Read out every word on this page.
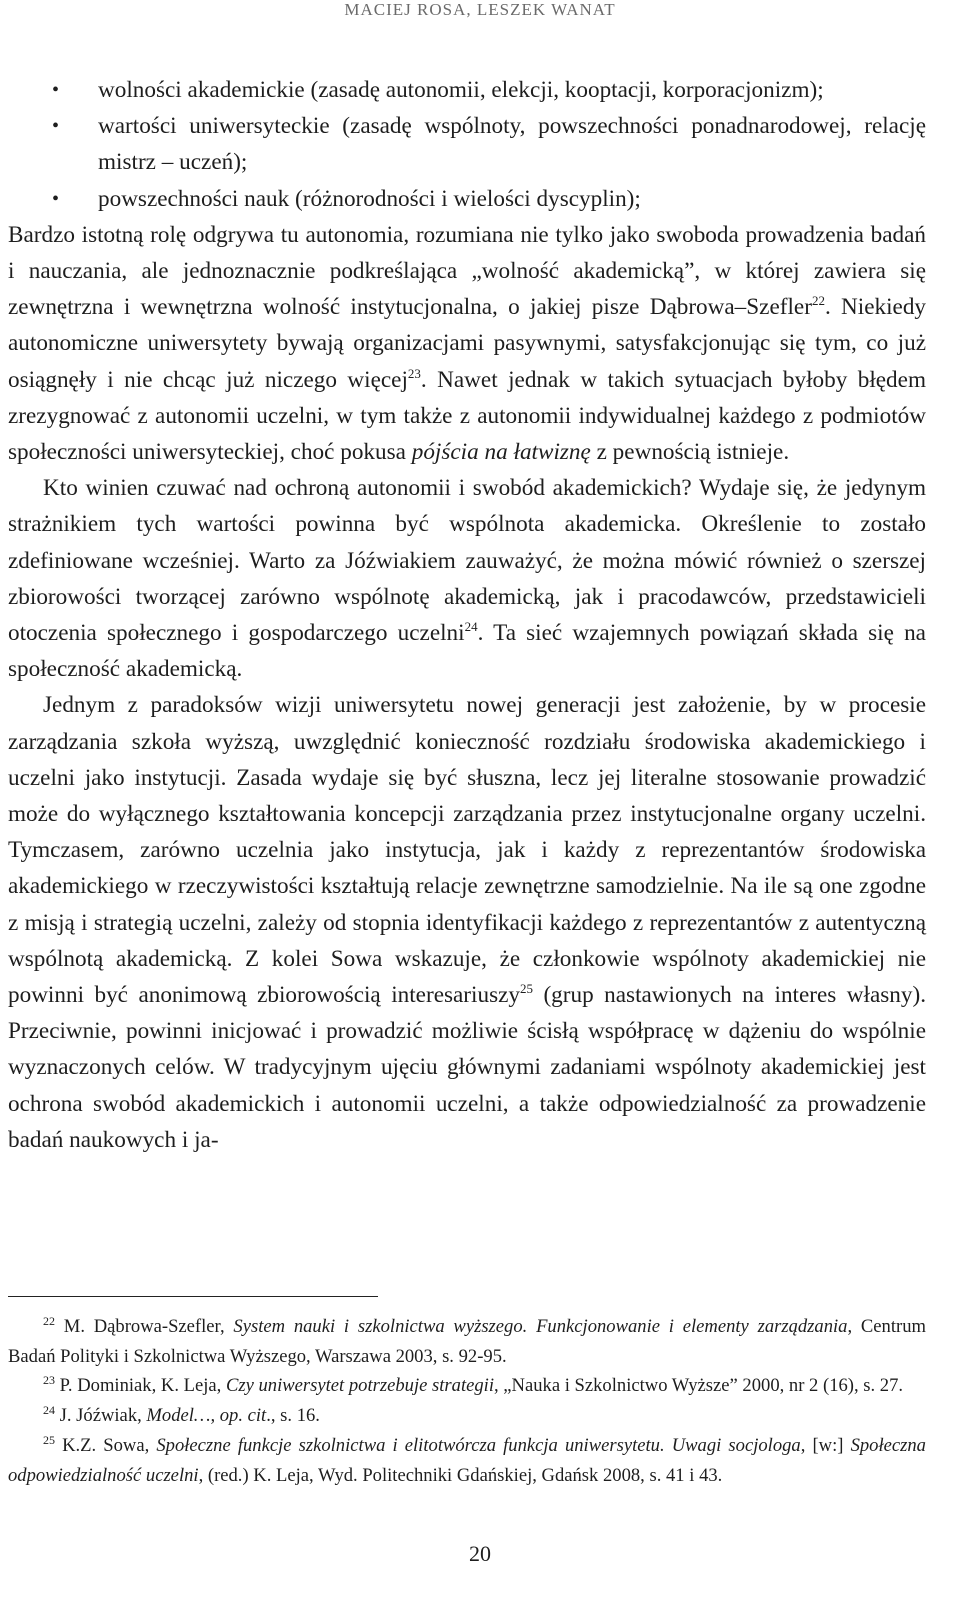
MACIEJ ROSA, LESZEK WANAT
• wolności akademickie (zasadę autonomii, elekcji, kooptacji, korporacjonizm);
• wartości uniwersyteckie (zasadę wspólnoty, powszechności ponadnarodowej, relację mistrz – uczeń);
• powszechności nauk (różnorodności i wielości dyscyplin);

Bardzo istotną rolę odgrywa tu autonomia, rozumiana nie tylko jako swoboda prowadzenia badań i nauczania, ale jednoznacznie podkreślająca „wolność akademicką”, w której zawiera się zewnętrzna i wewnętrzna wolność instytucjonalna, o jakiej pisze Dąbrowa–Szefler$^{22}$. Niekiedy autonomiczne uniwersytety bywają organizacjami pasywnymi, satysfakcjonując się tym, co już osiągnęły i nie chcąc już niczego więcej$^{23}$. Nawet jednak w takich sytuacjach byłoby błędem zrezygnować z autonomii uczelni, w tym także z autonomii indywidualnej każdego z podmiotów społeczności uniwersyteckiej, choć pokusa pójścia na łatwiznę z pewnością istnieje.

Kto winien czuwać nad ochroną autonomii i swobód akademickich? Wydaje się, że jedynym strażnikiem tych wartości powinna być wspólnota akademicka. Określenie to zostało zdefiniowane wcześniej. Warto za Jóźwiakiem zauważyć, że można mówić również o szerszej zbiorowości tworzącej zarówno wspólnotę akademicką, jak i pracodawców, przedstawicieli otoczenia społecznego i gospodarczego uczelni$^{24}$. Ta sieć wzajemnych powiązań składa się na społeczność akademicką.

Jednym z paradoksów wizji uniwersytetu nowej generacji jest założenie, by w procesie zarządzania szkoła wyższą, uwzględnić konieczność rozdziału środowiska akademickiego i uczelni jako instytucji. Zasada wydaje się być słuszna, lecz jej literalne stosowanie prowadzić może do wyłącznego kształtowania koncepcji zarządzania przez instytucjonalne organy uczelni. Tymczasem, zarówno uczelnia jako instytucja, jak i każdy z reprezentantów środowiska akademickiego w rzeczywistości kształtują relacje zewnętrzne samodzielnie. Na ile są one zgodne z misją i strategią uczelni, zależy od stopnia identyfikacji każdego z reprezentantów z autentyczną wspólnotą akademicką. Z kolei Sowa wskazuje, że członkowie wspólnoty akademickiej nie powinni być anonimową zbiorowością interesariuszy$^{25}$ (grup nastawionych na interes własny). Przeciwnie, powinni inicjować i prowadzić możliwie ścisłą współpracę w dążeniu do wspólnie wyznaczonych celów. W tradycyjnym ujęciu głównymi zadaniami wspólnoty akademickiej jest ochrona swobód akademickich i autonomii uczelni, a także odpowiedzialność za prowadzenie badań naukowych i ja-

$^{22}$ M. Dąbrowa-Szefler, System nauki i szkolnictwa wyższego. Funkcjonowanie i elementy zarządzania, Centrum Badań Polityki i Szkolnictwa Wyższego, Warszawa 2003, s. 92-95.

$^{23}$ P. Dominiak, K. Leja, Czy uniwersytet potrzebuje strategii, „Nauka i Szkolnictwo Wyższe” 2000, nr 2 (16), s. 27.

$^{24}$ J. Jóźwiak, Model…, op. cit., s. 16.

$^{25}$ K.Z. Sowa, Społeczne funkcje szkolnictwa i elitotwórcza funkcja uniwersytetu. Uwagi socjologa, [w:] Społeczna odpowiedzialność uczelni, (red.) K. Leja, Wyd. Politechniki Gdańskiej, Gdańsk 2008, s. 41 i 43.

20
